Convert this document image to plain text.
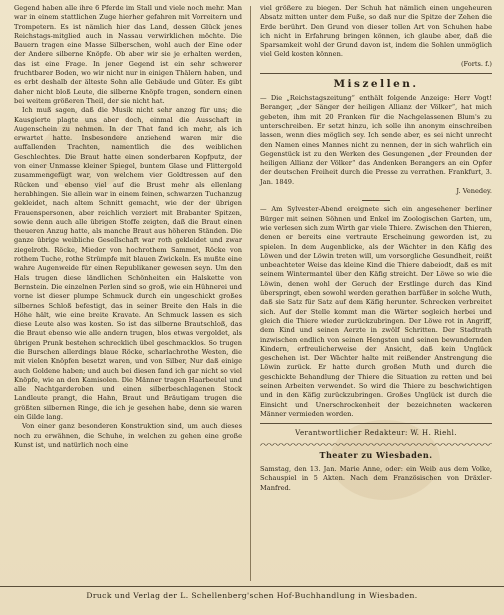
Gegend haben alle ihre 6 Pferde im Stall und viele noch mehr. Man war in einem stattlichen Zuge hierher gefahren mit Vorreitern und Trompetern. Es ist nämlich hier das Land, dessen Glück jenes Reichstags-mitglied auch in Nassau verwirklichen möchte. Die Bauern tragen eine Masse Silberschen, wohl auch der Eine oder der Andere silberne Knöpfe. Ob aber wir sie je erhalten werden, das ist eine Frage. In jener Gegend ist ein sehr schwerer fruchtbarer Boden, wo wir nicht nur in einigen Thälern haben, und es erbt deshalb der älteste Sohn alle Gebäude und Güter. Es gibt daher nicht bloß Leute, die silberne Knöpfe tragen, sondern einen bei weitem größeren Theil, der sie nicht hat.

Ich muß sagen, daß die Musik nicht sehr anzog für uns; die Kausgierte plagte uns aber doch, einmal die Ausschaft in Augenschein zu nehmen. In der That fand ich mehr, als ich erwartet hatte. Insbesondere anziehend waren mir die auffallenden Trachten, namentlich die des weiblichen Geschlechtes. Die Braut hatte einen sonderbaren Kopfputz, der von einer Unmasse kleiner Spiegel, buntem Glase und Flittergold zusammengefügt war, von welchem vier Goldtressen auf den Rücken und ebenso viel auf die Brust mehr als ellenlang herabhingen. Sie allein war in einem feinen, schwarzen Tuchanzug gekleidet, nach altem Schnitt gemacht, wie der der übrigen Frauenspersonen, aber reichlich verziert mit Brabanter Spitzen, sowie denn auch alle übrigen Stoffe zeigten, daß die Braut einen theueren Anzug hatte, als manche Braut aus höheren Ständen. Die ganze übrige weibliche Gesellschaft war roth gekleidet und zwar ziegelroth. Röcke, Mieder von hochrothem Sammet, Röcke von rothem Tuche, rothe Strümpfe mit blauen Zwickeln. Es mußte eine wahre Augenweide für einen Republikaner gewesen seyn. Um den Hals trugen diese ländlichen Schönheiten ein Halskette von Bernstein. Die einzelnen Perlen sind so groß, wie ein Hühnerei und vorne ist dieser plumpe Schmuck durch ein ungeschickt großes silbernes Schloß befestigt, das in seiner Breite den Hals in die Höhe hält, wie eine breite Kravate. An Schmuck lassen es sich diese Leute also was kosten. So ist das silberne Brautschloß, das die Braut ebenso wie alle andern trugen, blos etwas vergoldet, als übrigen Prunk bestehen schrecklich übel geschmacklos. So trugen die Burschen allerdings blaue Röcke, scharlachrothe Westen, die mit vielen Knöpfen besetzt waren, und von Silber, Nur daß einige auch Goldene haben; und auch bei diesen fand ich gar nicht so viel Knöpfe, wie an den Kamisolen. Die Männer tragen Haarbeutel und alle Nachtgarderoben und einen silberbeschlagenen Stock Landleute prangt, die Hahn, Braut und Bräutigam trugen die größten silbernen Ringe, die ich je gesehen habe, denn sie waren ein Gilde lang.

Von einer ganz besonderen Konstruktion sind, um auch dieses noch zu erwähnen, die Schuhe, in welchen zu gehen eine große Kunst ist, und natürlich noch eine

viel größere zu biegen. Der Schuh hat nämlich einen ungeheuren Absatz mitten unter dem Fuße, so daß nur die Spitze der Zehen die Erde berührt. Den Grund von dieser tollen Art von Schuhen habe ich nicht in Erfahrung bringen können, ich glaube aber, daß die Sparsamkeit wohl der Grund davon ist, indem die Sohlen unmöglich viel Geld kosten können.

(Forts. f.)
Miszellen.

— Die „Reichstagszeitung“ enthält folgende Anzeige: Herr Vogt! Beranger, „der Sänger der heiligen Allianz der Völker“, hat mich gebeten, ihm mit 20 Franken für die Nachgelassenen Blum's zu unterschreiben. Er setzt hinzu, ich solle ihn anonym einschreiben lassen, wenn dies möglich sey. Ich sende aber, es sei nicht unrecht den Namen eines Mannes nicht zu nennen, der in sich wahrlich ein Gegenstück ist zu den Werken des Gesungenen „der Freunden der heiligen Allianz der Völker“ das Andenken Berangers an ein Opfer der deutschen Freiheit durch die Presse zu verrathen. Frankfurt, 3. Jan. 1849.

J. Venedey.

— Am Sylvester-Abend ereignete sich ein angesehener berliner Bürger mit seinen Söhnen und Enkel im Zoologischen Garten, um, wie verlesen sich zum Wirth gar viele Thiere. Zwischen den Thieren, denen er bereits eine vertraute Erscheinung geworden ist, zu spielen. In dem Augenblicke, als der Wächter in den Käfig des Löwen und der Löwin treten will, um vorsorgliche Gesundheit, reißt unbeachteter Weise das kleine Kind die Thiere dabeiodt, daß es mit seinem Wintermantel über den Käfig streicht. Der Löwe so wie die Löwin, denen wohl der Geruch der Erstlinge durch das Kind überspringt, eben sowohl werden gerathen barfüßer in solche Wuth, daß sie Satz für Satz auf dem Käfig herunter. Schrecken verbreitet sich. Auf der Stelle kommt man die Wärter sogleich herbei und gleich die Thiere wieder zurückzubringen. Der Löwe rot in Angriff, dem Kind und seinen Aerzte in zwölf Schritten. Der Stadtrath inzwischen endlich von seinen Hengsten und seinen bewundernden Kindern, erfreulicherweise der Ansicht, daß kein Unglück geschehen ist. Der Wächter halte mit reißender Anstrengung die Löwin zurück. Er hatte durch großen Muth und durch die geschickte Behandlung der Thiere die Situation zu retten und bei seinen Arbeiten verwendet. So wird die Thiere zu beschwichtigen und in den Käfig zurückzubringen. Großes Unglück ist durch die Einsicht und Unerschrockenheit der bezeichneten wackeren Männer vermieden worden.

Verantwortlicher Redakteur: W. H. Riehl.
Theater zu Wiesbaden.

Samstag, den 13. Jan. Marie Anne, oder: ein Weib aus dem Volke, Schauspiel in 5 Akten. Nach dem Französischen von Dräxler-Manfred.

Druck und Verlag der L. Schellenberg'schen Hof-Buchhandlung in Wiesbaden.
